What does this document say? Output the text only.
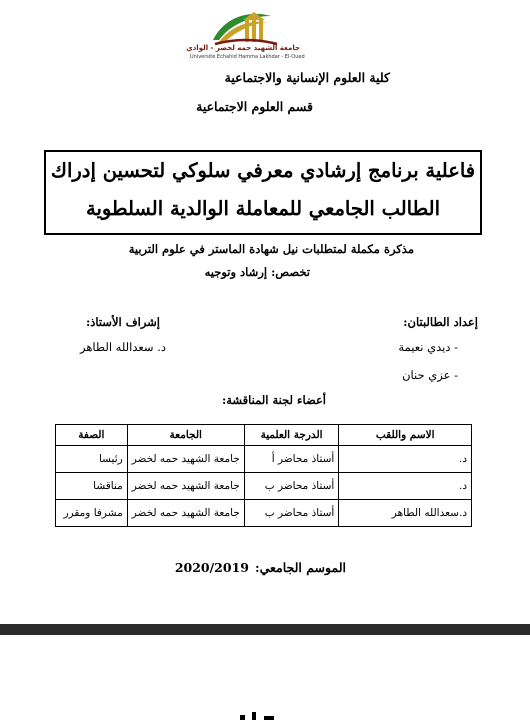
جامعة الشهيد حمه لخضر - الوادي
Université Echahid Hamma Lakhdar - El-Oued
كلية العلوم الإنسانية والاجتماعية
قسم العلوم الاجتماعية
فاعلية برنامج إرشادي معرفي سلوكي لتحسين إدراك
الطالب الجامعي للمعاملة الوالدية السلطوية
مذكرة مكملة لمتطلبات نيل شهادة الماستر في علوم التربية
تخصص: إرشاد وتوجيه
إعداد الطالبتان:
- ديدي نعيمة
- عزي حنان
إشراف الأستاذ:
د. سعدالله الطاهر
أعضاء لجنة المناقشة:
الاسم واللقب	الدرجة العلمية	الجامعة	الصفة
د.	أستاذ محاضر أ	جامعة الشهيد حمه لخضر	رئيسا
د.	أستاذ محاضر ب	جامعة الشهيد حمه لخضر	مناقشا
د.سعدالله الطاهر	أستاذ محاضر ب	جامعة الشهيد حمه لخضر	مشرفا ومقرر
الموسم الجامعي:2020/2019
